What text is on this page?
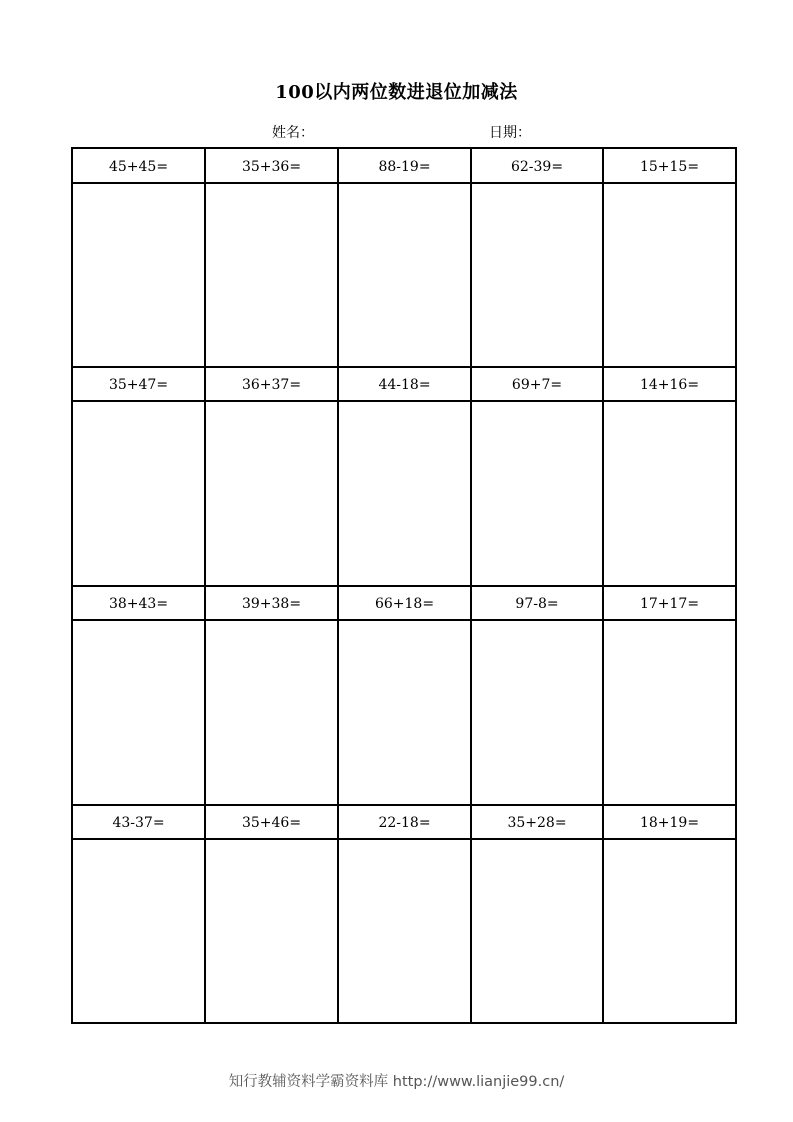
100以内两位数进退位加减法
姓名：	日期：
45+45=	35+36=	88-19=	62-39=	15+15=
35+47=	36+37=	44-18=	69+7=	14+16=
38+43=	39+38=	66+18=	97-8=	17+17=
43-37=	35+46=	22-18=	35+28=	18+19=
知行教辅资料学霸资料库 http://www.lianjie99.cn/
